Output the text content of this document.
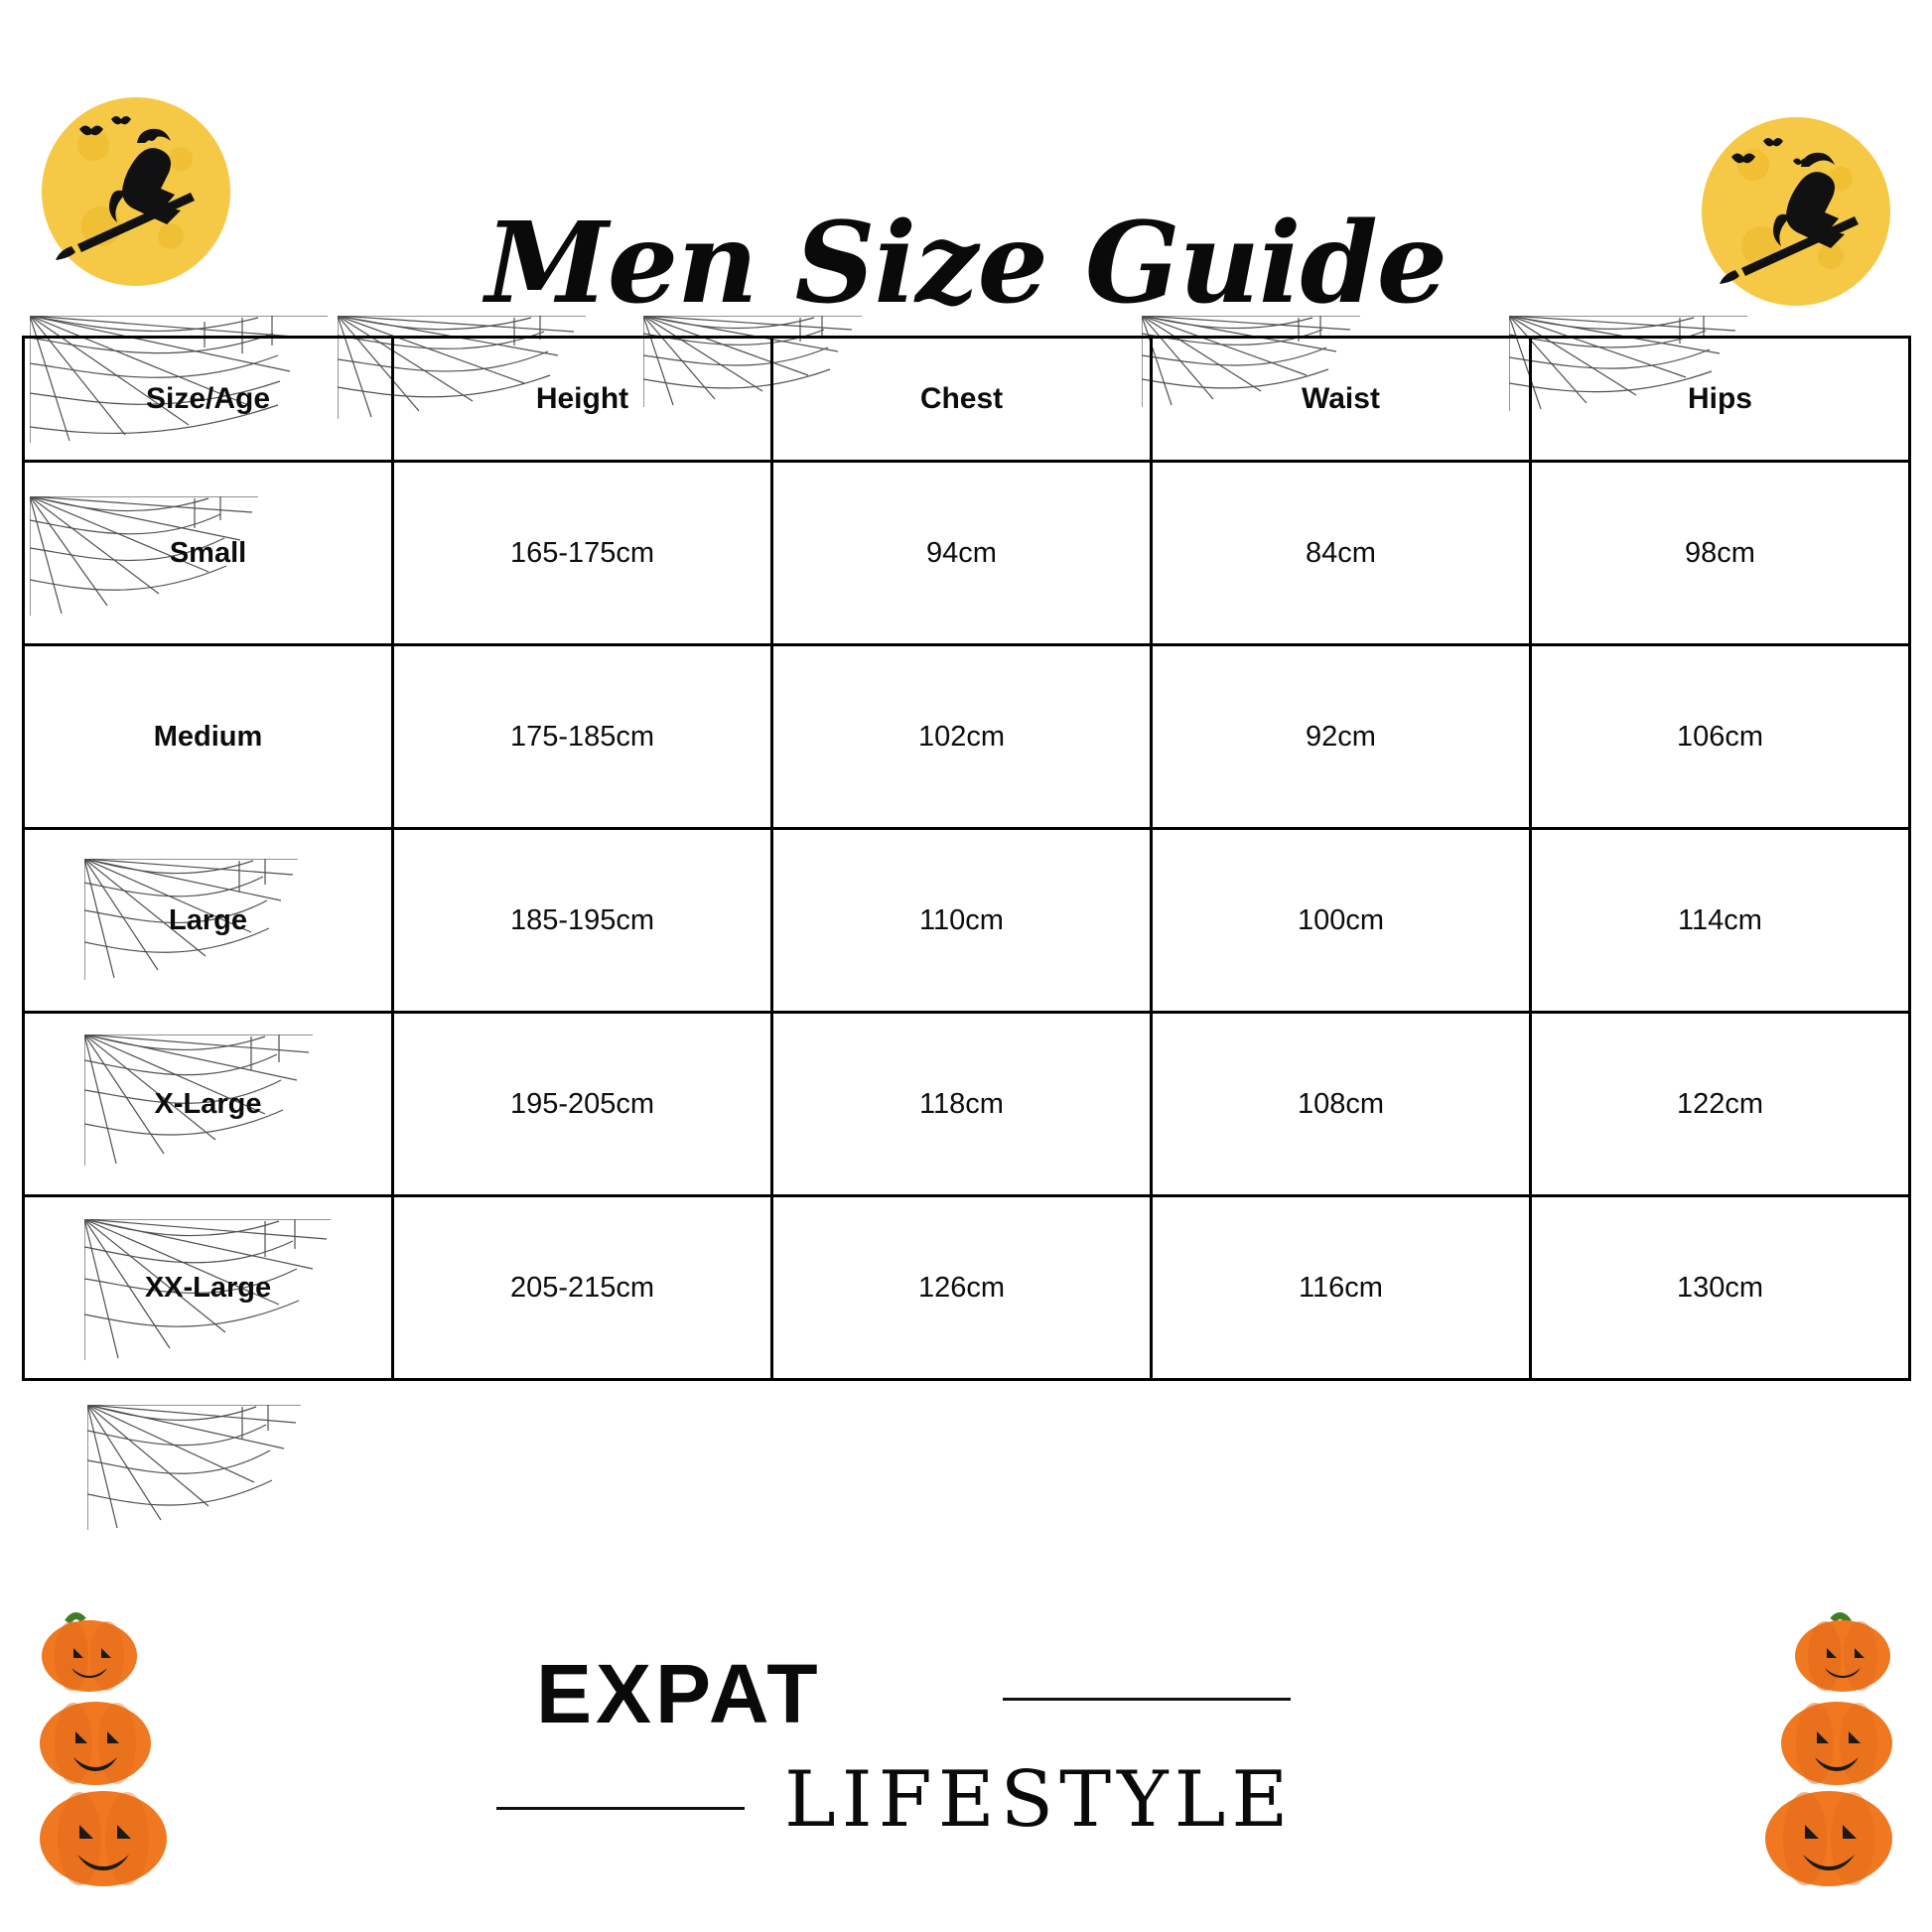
Men Size Guide
Size/Age	Height	Chest	Waist	Hips
Small	165-175cm	94cm	84cm	98cm
Medium	175-185cm	102cm	92cm	106cm
Large	185-195cm	110cm	100cm	114cm
X-Large	195-205cm	118cm	108cm	122cm
XX-Large	205-215cm	126cm	116cm	130cm
EXPAT
LIFESTYLE
